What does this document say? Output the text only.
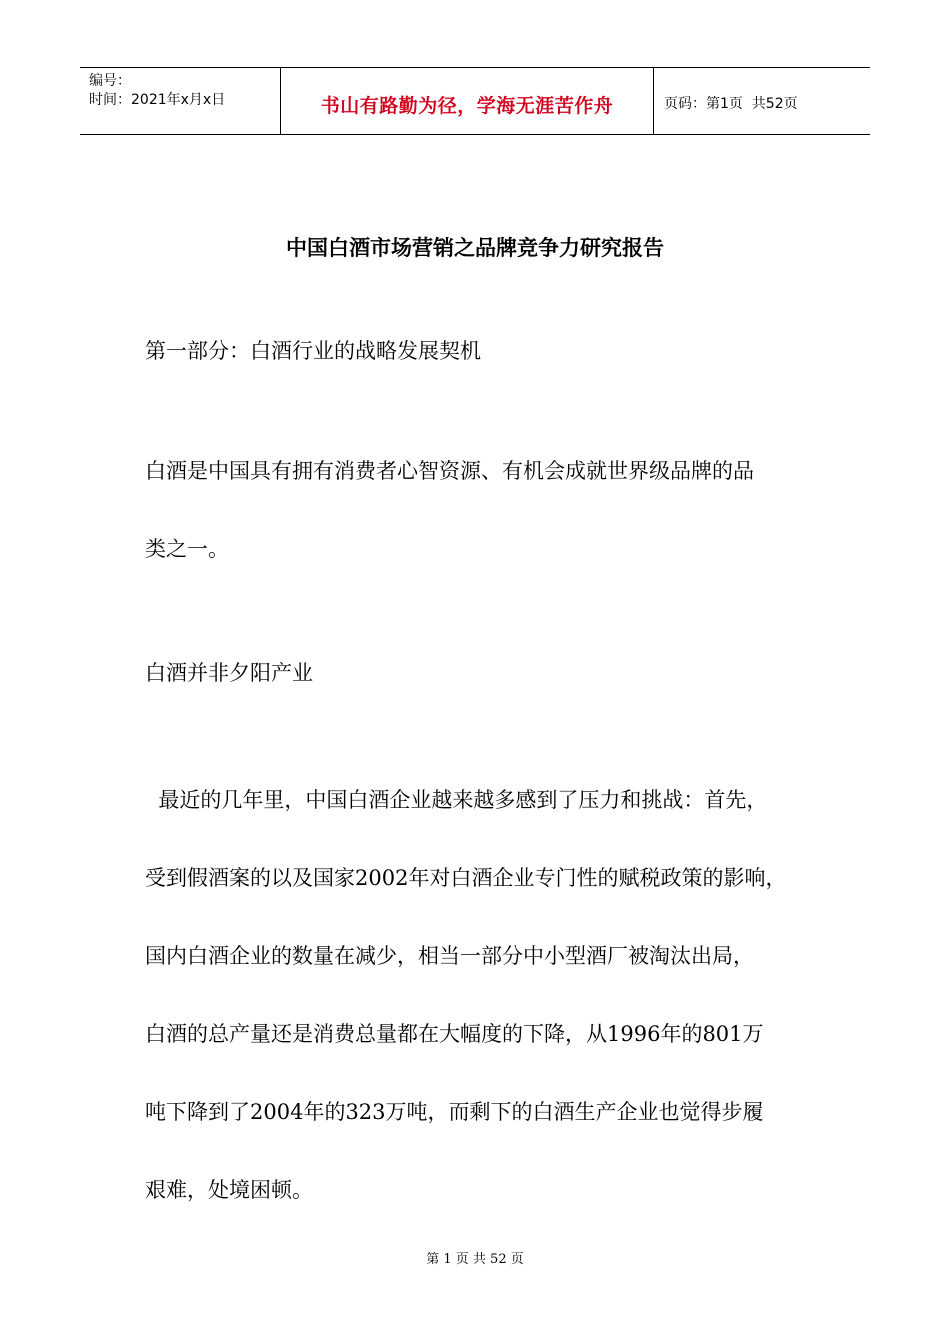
编号：
时间：2021年x月x日	书山有路勤为径，学海无涯苦作舟	页码：第1页  共52页
中国白酒市场营销之品牌竞争力研究报告
第一部分：白酒行业的战略发展契机
白酒是中国具有拥有消费者心智资源、有机会成就世界级品牌的品
类之一。
白酒并非夕阳产业
最近的几年里，中国白酒企业越来越多感到了压力和挑战：首先，
受到假酒案的以及国家2002年对白酒企业专门性的赋税政策的影响，
国内白酒企业的数量在减少，相当一部分中小型酒厂被淘汰出局，
白酒的总产量还是消费总量都在大幅度的下降，从1996年的801万
吨下降到了2004年的323万吨，而剩下的白酒生产企业也觉得步履
艰难，处境困顿。
第 1 页 共 52 页
